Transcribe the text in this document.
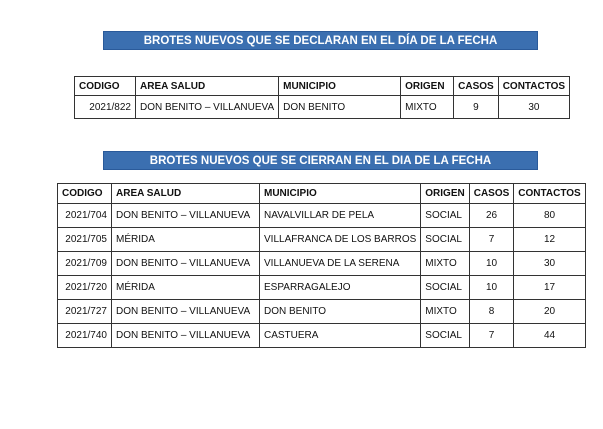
BROTES NUEVOS QUE SE DECLARAN EN EL DÍA DE LA FECHA
CODIGO	AREA SALUD	MUNICIPIO	ORIGEN	CASOS	CONTACTOS
2021/822	DON BENITO – VILLANUEVA	DON BENITO	MIXTO	9	30
BROTES NUEVOS QUE SE CIERRAN EN EL DIA DE LA FECHA
CODIGO	AREA SALUD	MUNICIPIO	ORIGEN	CASOS	CONTACTOS
2021/704	DON BENITO – VILLANUEVA	NAVALVILLAR DE PELA	SOCIAL	26	80
2021/705	MÉRIDA	VILLAFRANCA DE LOS BARROS	SOCIAL	7	12
2021/709	DON BENITO – VILLANUEVA	VILLANUEVA DE LA SERENA	MIXTO	10	30
2021/720	MÉRIDA	ESPARRAGALEJO	SOCIAL	10	17
2021/727	DON BENITO – VILLANUEVA	DON BENITO	MIXTO	8	20
2021/740	DON BENITO – VILLANUEVA	CASTUERA	SOCIAL	7	44
